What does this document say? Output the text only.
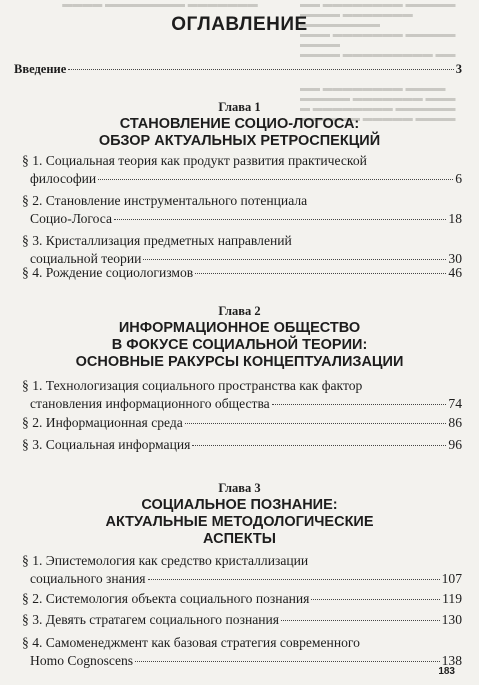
▬▬▬▬ ▬▬▬▬▬▬▬▬ ▬▬▬▬▬▬▬	▬▬ ▬▬▬▬▬▬▬▬ ▬▬▬▬▬
▬▬▬▬ ▬▬▬▬▬▬▬ ▬▬▬▬▬▬▬▬
▬▬▬ ▬▬▬▬▬▬▬ ▬▬▬▬▬ ▬▬▬▬
▬▬▬▬ ▬▬▬▬▬▬▬▬▬ ▬▬
▬▬ ▬▬▬▬▬▬▬▬ ▬▬▬▬
▬▬▬▬▬ ▬▬▬▬▬▬▬ ▬▬▬
▬ ▬▬▬▬▬▬▬▬ ▬▬▬▬▬▬
▬▬▬▬▬▬ ▬▬▬▬▬ ▬▬▬▬
ОГЛАВЛЕНИЕ
Введение	3
Глава 1
СТАНОВЛЕНИЕ СОЦИО-ЛОГОСА:
ОБЗОР АКТУАЛЬНЫХ РЕТРОСПЕКЦИЙ
§ 1. Социальная теория как продукт развития практической
философии	6
§ 2. Становление инструментального потенциала
Социо-Логоса	18
§ 3. Кристаллизация предметных направлений
социальной теории	30
§ 4. Рождение социологизмов	46
Глава 2
ИНФОРМАЦИОННОЕ ОБЩЕСТВО
В ФОКУСЕ СОЦИАЛЬНОЙ ТЕОРИИ:
ОСНОВНЫЕ РАКУРСЫ КОНЦЕПТУАЛИЗАЦИИ
§ 1. Технологизация социального пространства как фактор
становления информационного общества	74
§ 2. Информационная среда	86
§ 3. Социальная информация	96
Глава 3
СОЦИАЛЬНОЕ ПОЗНАНИЕ:
АКТУАЛЬНЫЕ МЕТОДОЛОГИЧЕСКИЕ
АСПЕКТЫ
§ 1. Эпистемология как средство кристаллизации
социального знания	107
§ 2. Системология объекта социального познания	119
§ 3. Девять стратагем социального познания	130
§ 4. Самоменеджмент как базовая стратегия современного
Homo Cognoscens	138
183
